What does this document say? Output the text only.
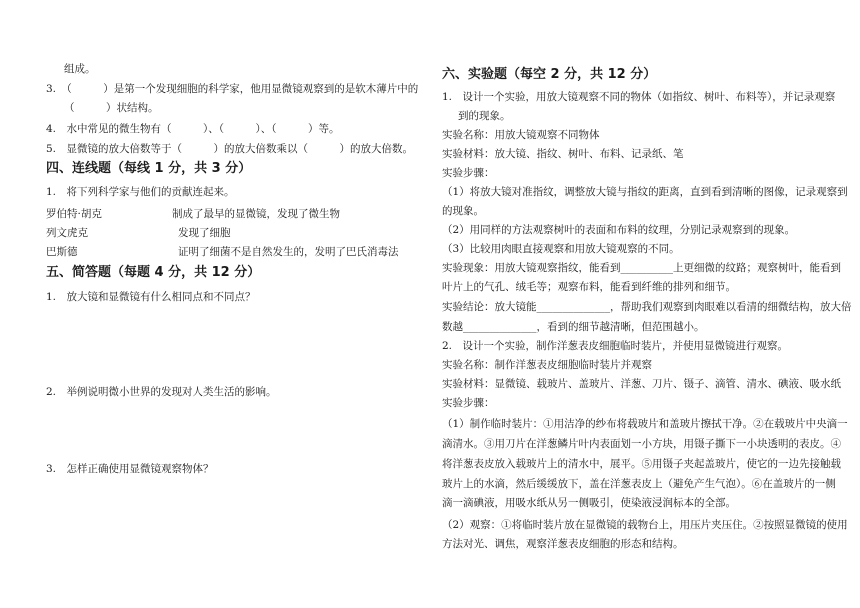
组成。
3.　（　　　）是第一个发现细胞的科学家，他用显微镜观察到的是软木薄片中的
（　　　）状结构。
4.　水中常见的微生物有（　　　）、（　　　）、（　　　）等。
5.　显微镜的放大倍数等于（　　　）的放大倍数乘以（　　　）的放大倍数。
四、连线题（每线 1 分，共 3 分）
1.　将下列科学家与他们的贡献连起来。
罗伯特·胡克	制成了最早的显微镜，发现了微生物
列文虎克	发现了细胞
巴斯德	证明了细菌不是自然发生的，发明了巴氏消毒法
五、简答题（每题 4 分，共 12 分）
1.　放大镜和显微镜有什么相同点和不同点？
2.　举例说明微小世界的发现对人类生活的影响。
3.　怎样正确使用显微镜观察物体？
六、实验题（每空 2 分，共 12 分）
1.　设计一个实验，用放大镜观察不同的物体（如指纹、树叶、布料等），并记录观察
到的现象。
实验名称：用放大镜观察不同物体
实验材料：放大镜、指纹、树叶、布料、记录纸、笔
实验步骤：
（1）将放大镜对准指纹，调整放大镜与指纹的距离，直到看到清晰的图像，记录观察到
的现象。
（2）用同样的方法观察树叶的表面和布料的纹理，分别记录观察到的现象。
（3）比较用肉眼直接观察和用放大镜观察的不同。
实验现象：用放大镜观察指纹，能看到__________上更细微的纹路；观察树叶，能看到
叶片上的气孔、绒毛等；观察布料，能看到纤维的排列和细节。
实验结论：放大镜能______________，帮助我们观察到肉眼难以看清的细微结构，放大倍
数越______________，看到的细节越清晰，但范围越小。
2.　设计一个实验，制作洋葱表皮细胞临时装片，并使用显微镜进行观察。
实验名称：制作洋葱表皮细胞临时装片并观察
实验材料：显微镜、载玻片、盖玻片、洋葱、刀片、镊子、滴管、清水、碘液、吸水纸
实验步骤：
（1）制作临时装片：①用洁净的纱布将载玻片和盖玻片擦拭干净。②在载玻片中央滴一
滴清水。③用刀片在洋葱鳞片叶内表面划一小方块，用镊子撕下一小块透明的表皮。④
将洋葱表皮放入载玻片上的清水中，展平。⑤用镊子夹起盖玻片，使它的一边先接触载
玻片上的水滴，然后缓缓放下，盖在洋葱表皮上（避免产生气泡）。⑥在盖玻片的一侧
滴一滴碘液，用吸水纸从另一侧吸引，使染液浸润标本的全部。
（2）观察：①将临时装片放在显微镜的载物台上，用压片夹压住。②按照显微镜的使用
方法对光、调焦，观察洋葱表皮细胞的形态和结构。
